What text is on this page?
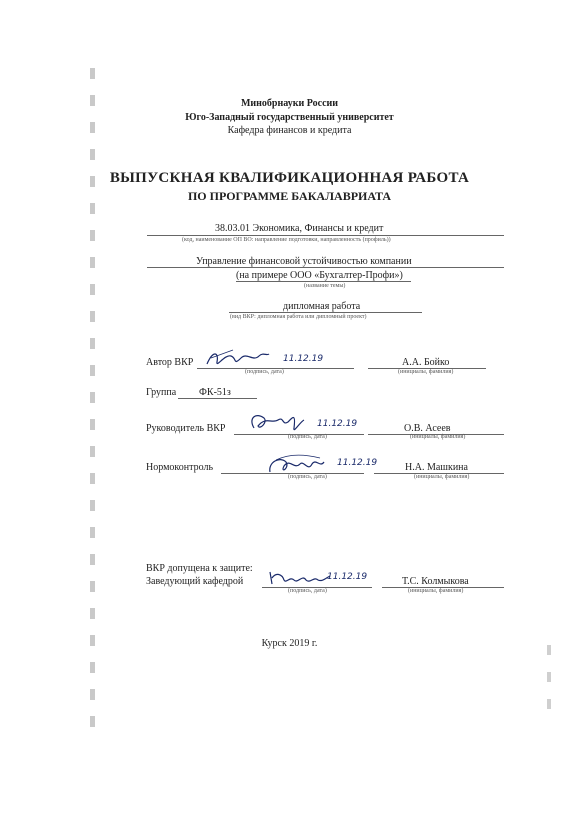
Минобрнауки России
Юго-Западный государственный университет
Кафедра финансов и кредита
ВЫПУСКНАЯ КВАЛИФИКАЦИОННАЯ РАБОТА
ПО ПРОГРАММЕ БАКАЛАВРИАТА
38.03.01 Экономика, Финансы и кредит
(код, наименование ОП ВО: направление подготовки, направленность (профиль))
Управление финансовой устойчивостью компании
(на примере ООО «Бухгалтер-Профи»)
(название темы)
дипломная работа
(вид ВКР: дипломная работа или дипломный проект)
Автор ВКР	11.12.19
(подпись, дата)
А.А. Бойко
(инициалы, фамилия)
Группа ФК-51з
Руководитель ВКР	11.12.19
(подпись, дата)
О.В. Асеев
(инициалы, фамилия)
Нормоконтроль	11.12.19
(подпись, дата)
Н.А. Машкина
(инициалы, фамилия)
ВКР допущена к защите:
Заведующий кафедрой	11.12.19
(подпись, дата)
Т.С. Колмыкова
(инициалы, фамилия)
Курск 2019 г.
